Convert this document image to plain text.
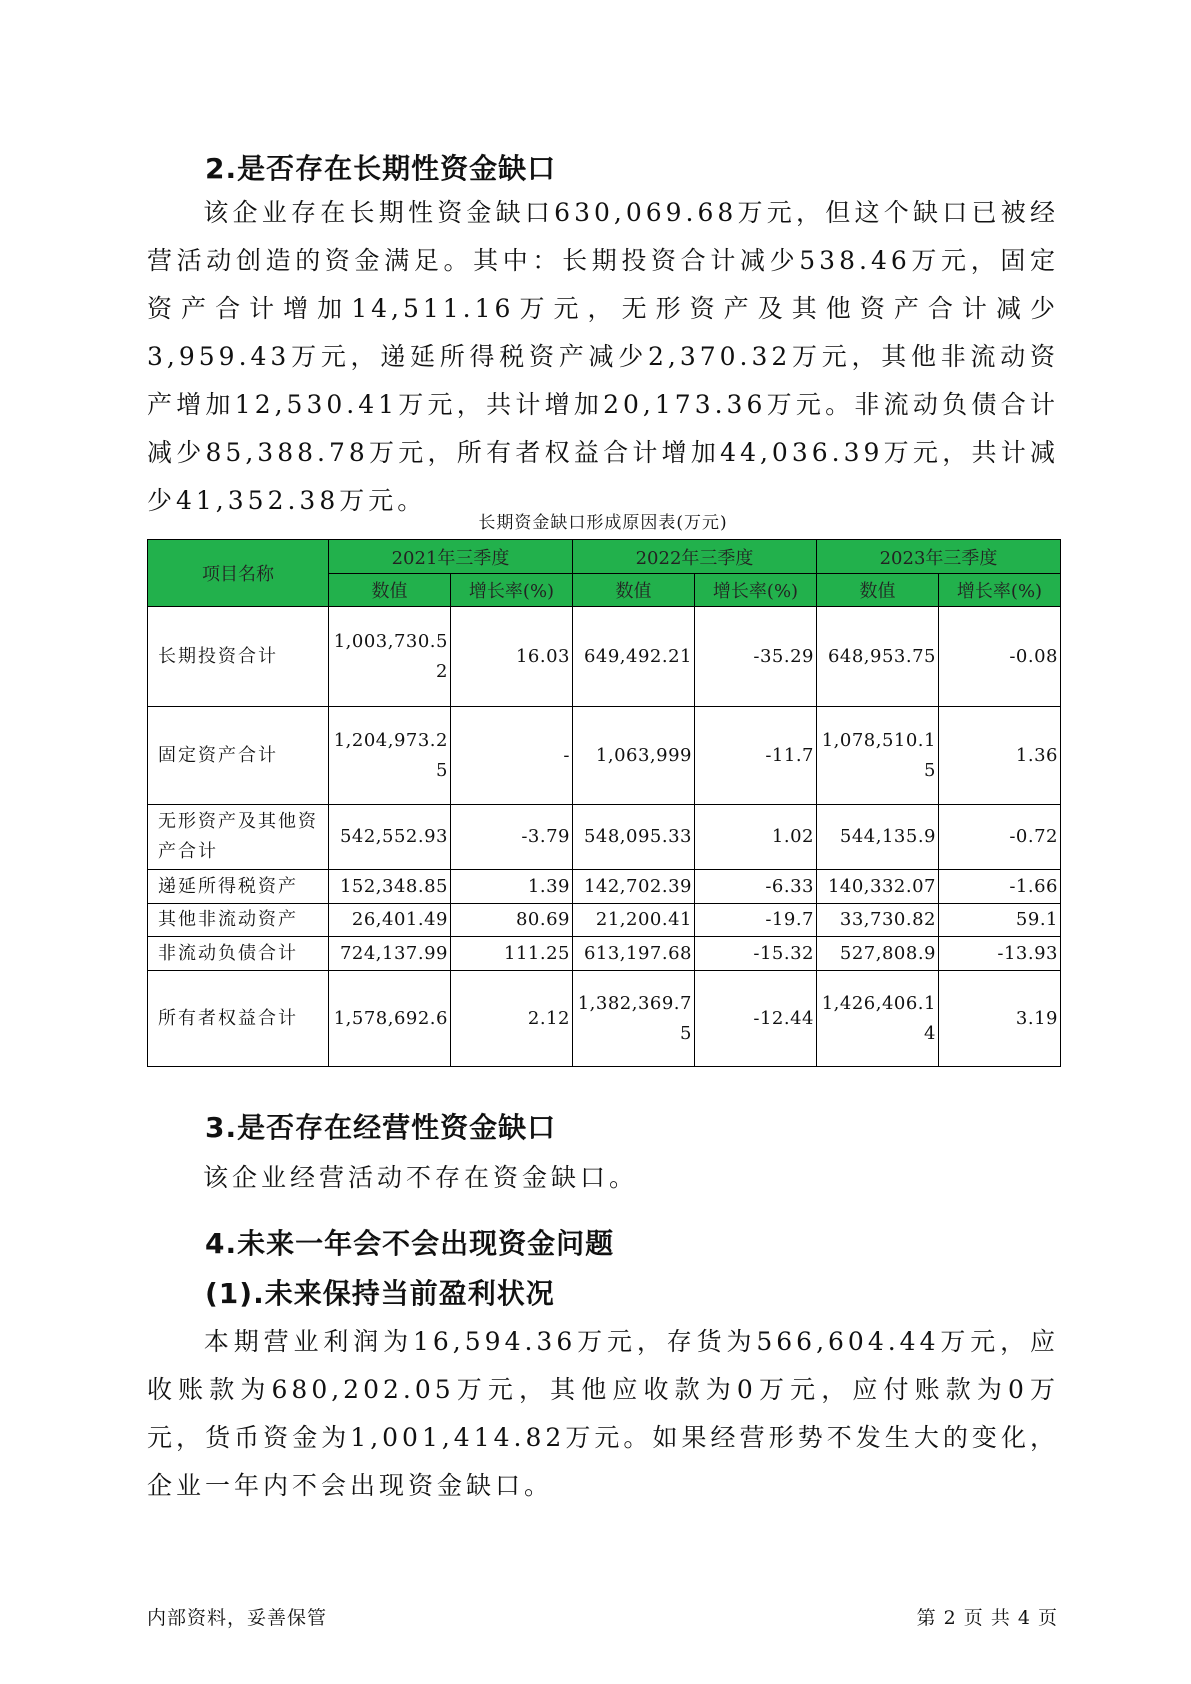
2.是否存在长期性资金缺口

该企业存在长期性资金缺口630,069.68万元，但这个缺口已被经营活动创造的资金满足。其中：长期投资合计减少538.46万元，固定资产合计增加14,511.16万元，无形资产及其他资产合计减少3,959.43万元，递延所得税资产减少2,370.32万元，其他非流动资产增加12,530.41万元，共计增加20,173.36万元。非流动负债合计减少85,388.78万元，所有者权益合计增加44,036.39万元，共计减少41,352.38万元。

长期资金缺口形成原因表(万元)
项目名称	2021年三季度		2022年三季度		2023年三季度	
	数值	增长率(%)	数值	增长率(%)	数值	增长率(%)
长期投资合计	1,003,730.52	16.03	649,492.21	-35.29	648,953.75	-0.08
固定资产合计	1,204,973.25	-	1,063,999	-11.7	1,078,510.15	1.36
无形资产及其他资产合计	542,552.93	-3.79	548,095.33	1.02	544,135.9	-0.72
递延所得税资产	152,348.85	1.39	142,702.39	-6.33	140,332.07	-1.66
其他非流动资产	26,401.49	80.69	21,200.41	-19.7	33,730.82	59.1
非流动负债合计	724,137.99	111.25	613,197.68	-15.32	527,808.9	-13.93
所有者权益合计	1,578,692.6	2.12	1,382,369.75	-12.44	1,426,406.14	3.19
3.是否存在经营性资金缺口

该企业经营活动不存在资金缺口。

4.未来一年会不会出现资金问题
(1).未来保持当前盈利状况

本期营业利润为16,594.36万元，存货为566,604.44万元，应收账款为680,202.05万元，其他应收款为0万元，应付账款为0万元，货币资金为1,001,414.82万元。如果经营形势不发生大的变化，企业一年内不会出现资金缺口。

内部资料，妥善保管	第 2 页 共 4 页
